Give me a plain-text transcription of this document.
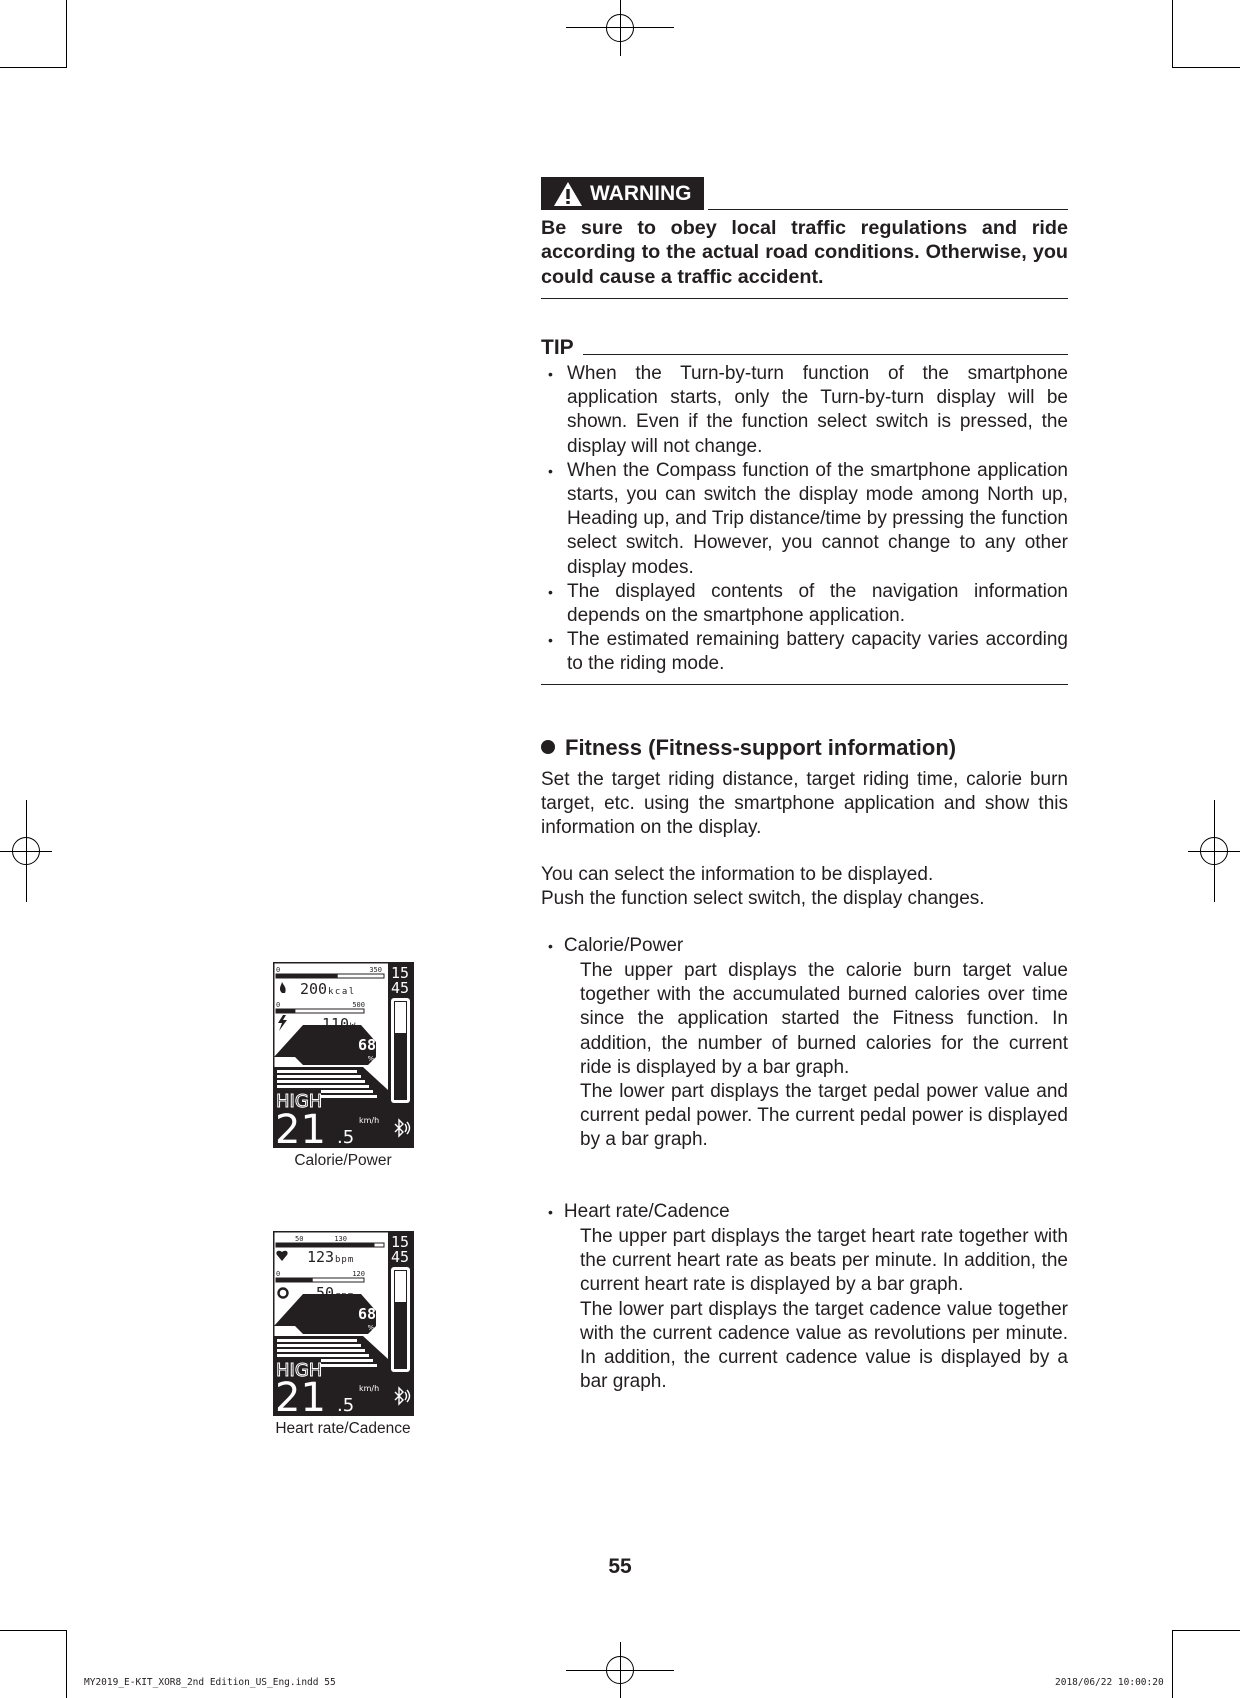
WARNING
Be sure to obey local traffic regulations and ride according to the actual road conditions. Otherwise, you could cause a traffic accident.
TIP
• When the Turn-by-turn function of the smartphone application starts, only the Turn-by-turn display will be shown. Even if the function select switch is pressed, the display will not change.
• When the Compass function of the smartphone application starts, you can switch the display mode among North up, Heading up, and Trip distance/time by pressing the function select switch. However, you cannot change to any other display modes.
• The displayed contents of the navigation information depends on the smartphone application.
• The estimated remaining battery capacity varies according to the riding mode.
Fitness (Fitness-support information)
Set the target riding distance, target riding time, calorie burn target, etc. using the smartphone application and show this information on the display.
You can select the information to be displayed.
Push the function select switch, the display changes.
• Calorie/Power
The upper part displays the calorie burn target value together with the accumulated burned calories over time since the application started the Fitness function. In addition, the number of burned calories for the current ride is displayed by a bar graph.
The lower part displays the target pedal power value and current pedal power. The current pedal power is displayed by a bar graph.
• Heart rate/Cadence
The upper part displays the target heart rate together with the current heart rate as beats per minute. In addition, the current heart rate is displayed by a bar graph.
The lower part displays the target cadence value together with the current cadence value as revolutions per minute. In addition, the current cadence value is displayed by a bar graph.
0	350
200 kcal
0	500
110 W
15
45
68
%
HIGH
21 .5
km/h
Calorie/Power
50	130
123 bpm
0	120
50 rpm
15
45
68
%
HIGH
21 .5
km/h
Heart rate/Cadence
55
MY2019_E-KIT_XOR8_2nd Edition_US_Eng.indd 55	2018/06/22 10:00:20
